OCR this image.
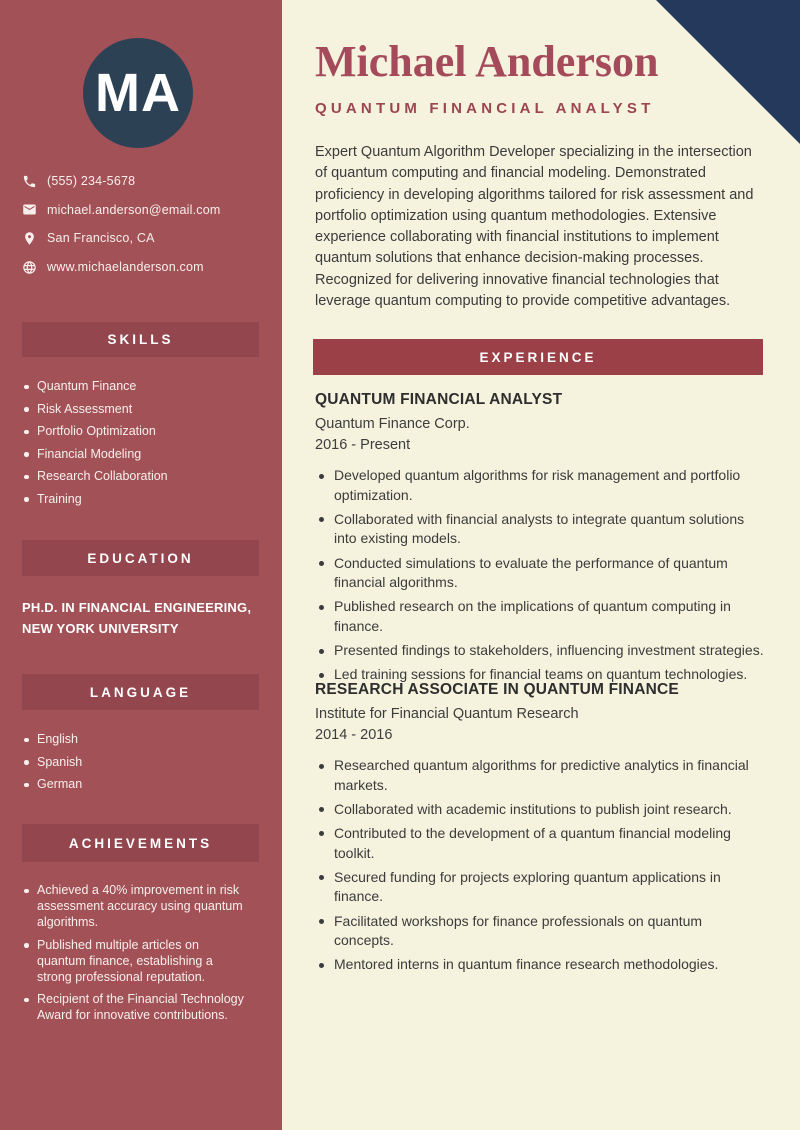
MA
(555) 234-5678
michael.anderson@email.com
San Francisco, CA
www.michaelanderson.com
SKILLS
Quantum Finance
Risk Assessment
Portfolio Optimization
Financial Modeling
Research Collaboration
Training
EDUCATION
PH.D. IN FINANCIAL ENGINEERING, NEW YORK UNIVERSITY
LANGUAGE
English
Spanish
German
ACHIEVEMENTS
Achieved a 40% improvement in risk assessment accuracy using quantum algorithms.
Published multiple articles on quantum finance, establishing a strong professional reputation.
Recipient of the Financial Technology Award for innovative contributions.
Michael Anderson
QUANTUM FINANCIAL ANALYST

Expert Quantum Algorithm Developer specializing in the intersection of quantum computing and financial modeling. Demonstrated proficiency in developing algorithms tailored for risk assessment and portfolio optimization using quantum methodologies. Extensive experience collaborating with financial institutions to implement quantum solutions that enhance decision-making processes. Recognized for delivering innovative financial technologies that leverage quantum computing to provide competitive advantages.

EXPERIENCE
QUANTUM FINANCIAL ANALYST
Quantum Finance Corp.
2016 - Present
Developed quantum algorithms for risk management and portfolio optimization.
Collaborated with financial analysts to integrate quantum solutions into existing models.
Conducted simulations to evaluate the performance of quantum financial algorithms.
Published research on the implications of quantum computing in finance.
Presented findings to stakeholders, influencing investment strategies.
Led training sessions for financial teams on quantum technologies.
RESEARCH ASSOCIATE IN QUANTUM FINANCE
Institute for Financial Quantum Research
2014 - 2016
Researched quantum algorithms for predictive analytics in financial markets.
Collaborated with academic institutions to publish joint research.
Contributed to the development of a quantum financial modeling toolkit.
Secured funding for projects exploring quantum applications in finance.
Facilitated workshops for finance professionals on quantum concepts.
Mentored interns in quantum finance research methodologies.
